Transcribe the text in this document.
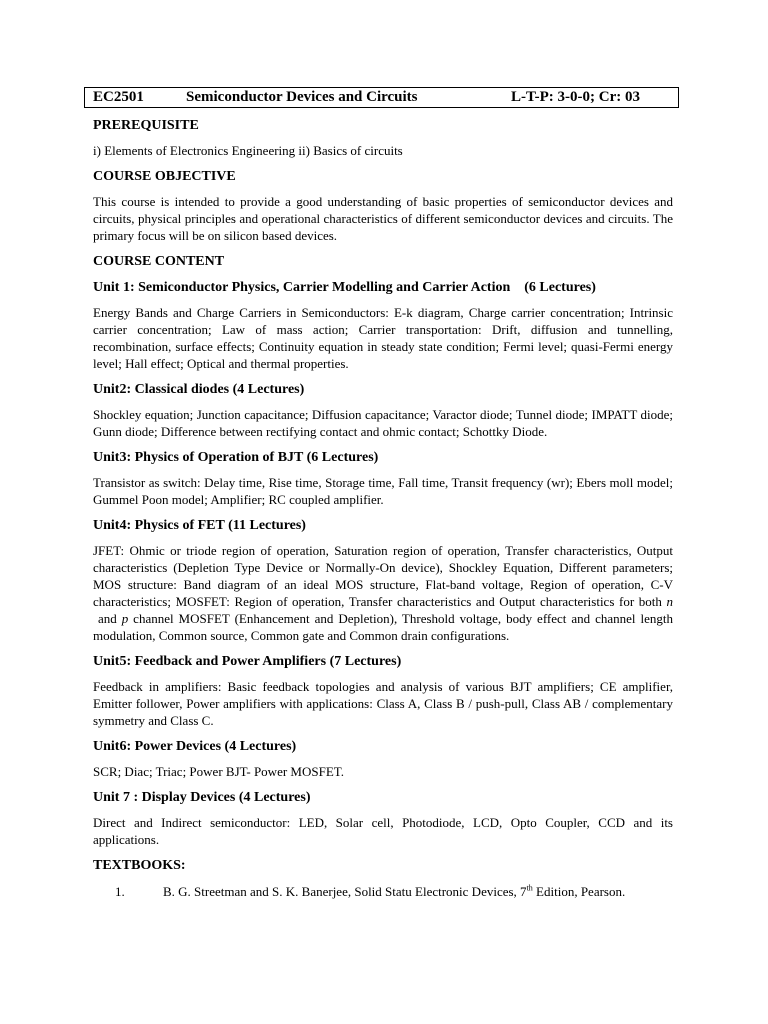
EC2501	Semiconductor Devices and Circuits	L-T-P: 3-0-0; Cr: 03

PREREQUISITE

i) Elements of Electronics Engineering ii) Basics of circuits

COURSE OBJECTIVE

This course is intended to provide a good understanding of basic properties of semiconductor devices and circuits, physical principles and operational characteristics of different semiconductor devices and circuits. The primary focus will be on silicon based devices.

COURSE CONTENT

Unit 1: Semiconductor Physics, Carrier Modelling and Carrier Action    (6 Lectures)

Energy Bands and Charge Carriers in Semiconductors: E-k diagram, Charge carrier concentration; Intrinsic carrier concentration; Law of mass action; Carrier transportation: Drift, diffusion and tunnelling, recombination, surface effects; Continuity equation in steady state condition; Fermi level; quasi-Fermi energy level; Hall effect; Optical and thermal properties.

Unit2: Classical diodes (4 Lectures)

Shockley equation; Junction capacitance; Diffusion capacitance; Varactor diode; Tunnel diode; IMPATT diode; Gunn diode; Difference between rectifying contact and ohmic contact; Schottky Diode.

Unit3: Physics of Operation of BJT (6 Lectures)

Transistor as switch: Delay time, Rise time, Storage time, Fall time, Transit frequency (wr); Ebers moll model; Gummel Poon model; Amplifier; RC coupled amplifier.

Unit4: Physics of FET (11 Lectures)

JFET: Ohmic or triode region of operation, Saturation region of operation, Transfer characteristics, Output characteristics (Depletion Type Device or Normally-On device), Shockley Equation, Different parameters; MOS structure: Band diagram of an ideal MOS structure, Flat-band voltage, Region of operation, C-V characteristics; MOSFET: Region of operation, Transfer characteristics and Output characteristics for both n and p channel MOSFET (Enhancement and Depletion), Threshold voltage, body effect and channel length modulation, Common source, Common gate and Common drain configurations.

Unit5: Feedback and Power Amplifiers (7 Lectures)

Feedback in amplifiers: Basic feedback topologies and analysis of various BJT amplifiers; CE amplifier, Emitter follower, Power amplifiers with applications: Class A, Class B / push-pull, Class AB / complementary symmetry and Class C.

Unit6: Power Devices (4 Lectures)

SCR; Diac; Triac; Power BJT- Power MOSFET.

Unit 7 : Display Devices (4 Lectures)

Direct and Indirect semiconductor: LED, Solar cell, Photodiode, LCD, Opto Coupler, CCD and its applications.

TEXTBOOKS:

1.	B. G. Streetman and S. K. Banerjee, Solid Statu Electronic Devices, 7th Edition, Pearson.
